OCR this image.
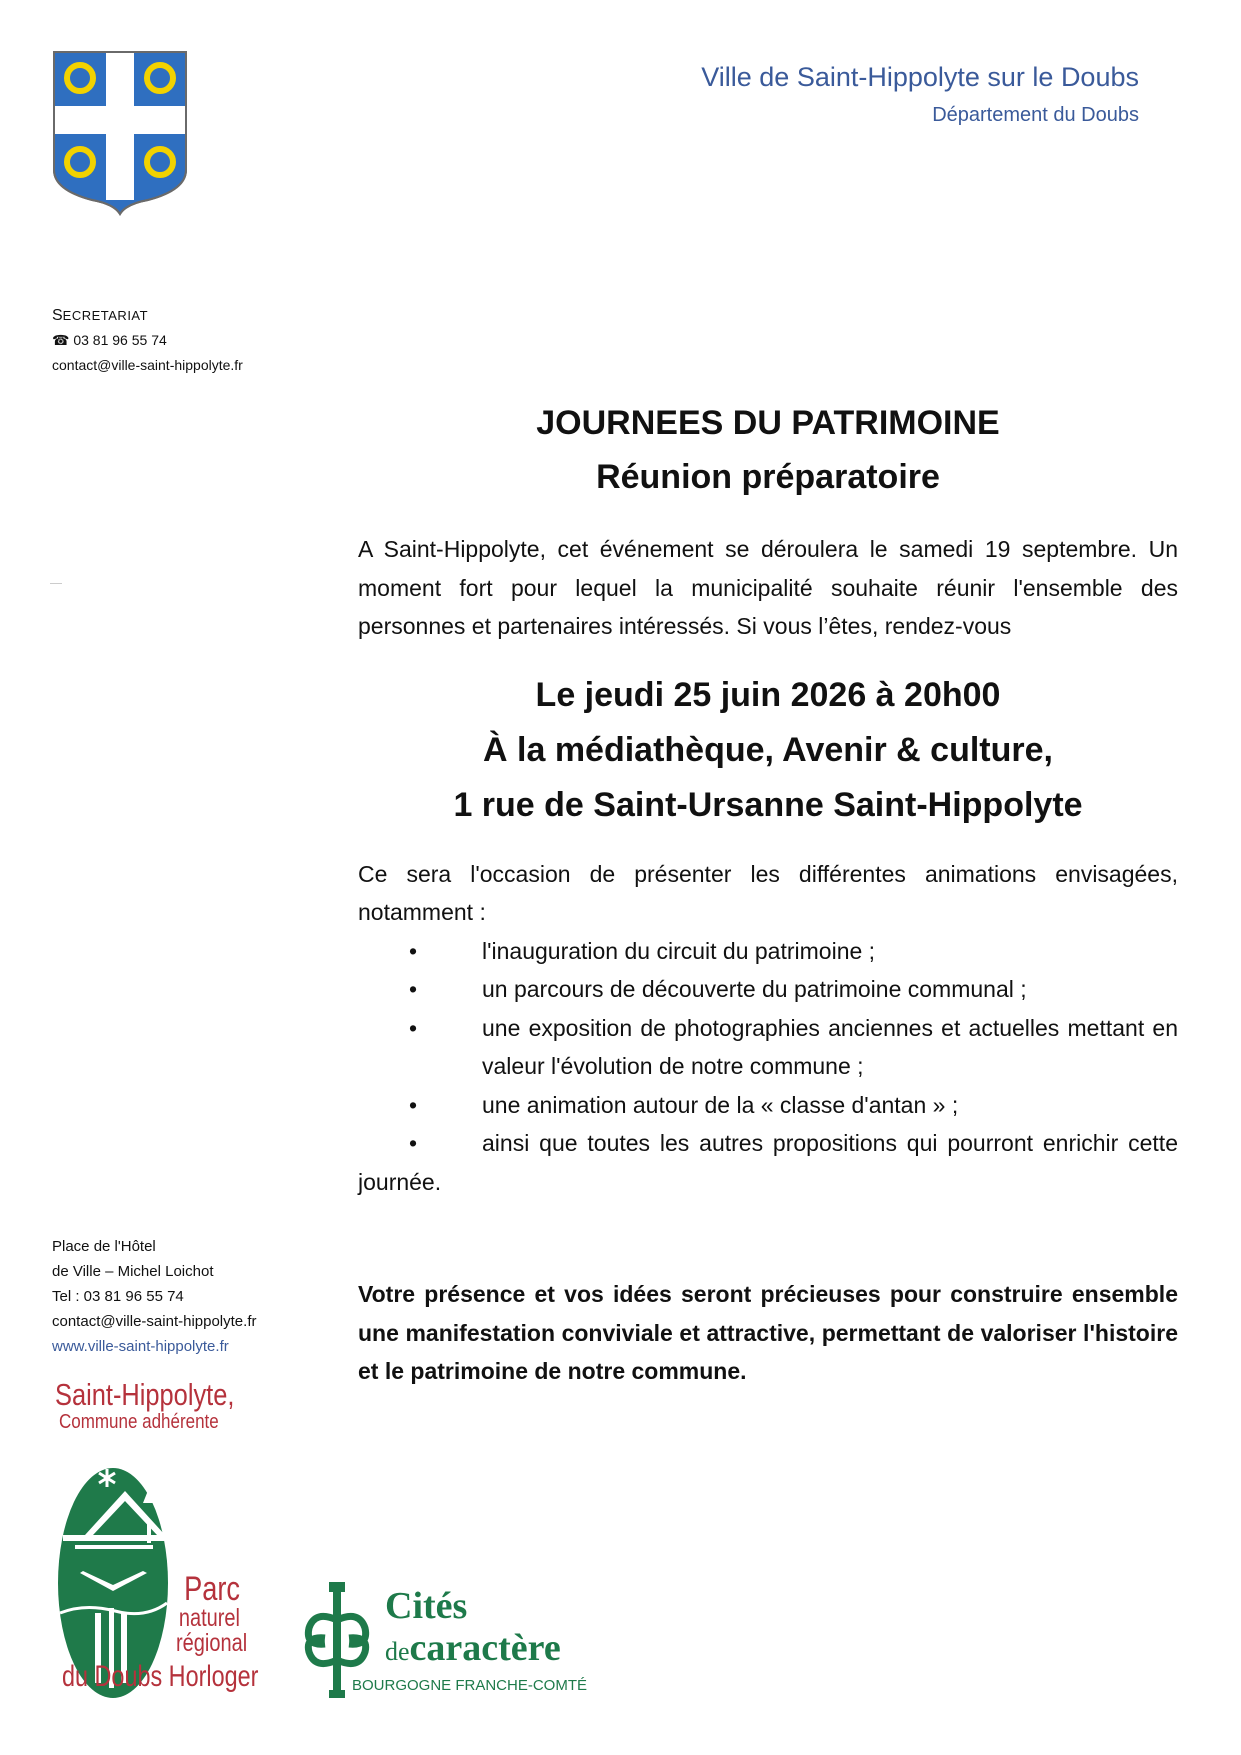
Ville de Saint-Hippolyte sur le Doubs
Département du Doubs
SECRETARIAT
☎ 03 81 96 55 74
contact@ville-saint-hippolyte.fr
Place de l'Hôtel
de Ville – Michel Loichot
Tel : 03 81 96 55 74
contact@ville-saint-hippolyte.fr
www.ville-saint-hippolyte.fr
Saint-Hippolyte,
Commune adhérente
Parc
naturel
régional
du Doubs Horloger
Cités
decaractère
BOURGOGNE FRANCHE-COMTÉ
JOURNEES DU PATRIMOINE
Réunion préparatoire
A Saint-Hippolyte, cet événement se déroulera le samedi 19 septembre. Un moment fort pour lequel la municipalité souhaite réunir l'ensemble des personnes et partenaires intéressés. Si vous l’êtes, rendez-vous
Le jeudi 25 juin 2026 à 20h00
À la médiathèque, Avenir & culture,
1 rue de Saint-Ursanne Saint-Hippolyte
Ce sera l'occasion de présenter les différentes animations envisagées, notamment :
•	l'inauguration du circuit du patrimoine ;
•	un parcours de découverte du patrimoine communal ;
•	une exposition de photographies anciennes et actuelles mettant en valeur l'évolution de notre commune ;
•	une animation autour de la « classe d'antan » ;
•	ainsi que toutes les autres propositions qui pourront enrichir cette journée.
Votre présence et vos idées seront précieuses pour construire ensemble une manifestation conviviale et attractive, permettant de valoriser l'histoire et le patrimoine de notre commune.
